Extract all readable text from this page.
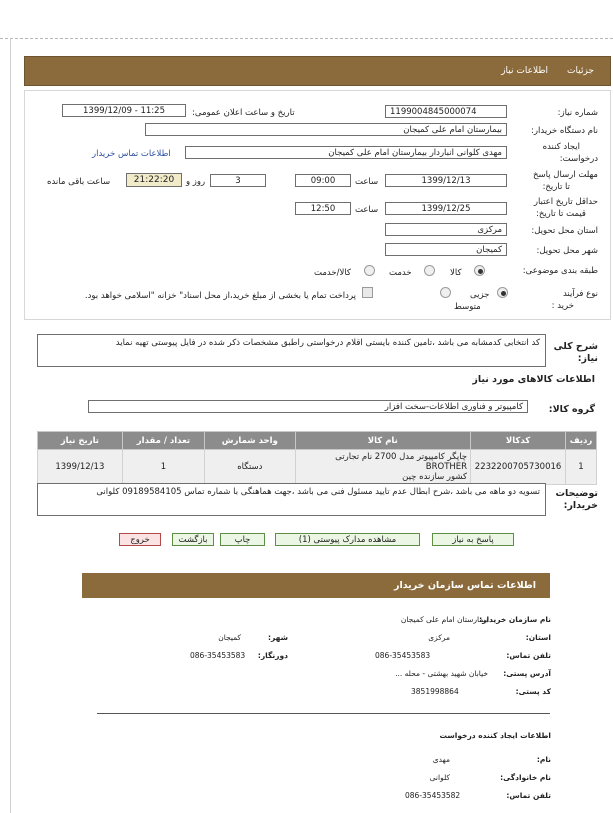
جزئیات
اطلاعات نیاز
شماره نیاز:
1199004845000074
تاریخ و ساعت اعلان عمومی:
1399/12/09 - 11:25
نام دستگاه خریدار:
بیمارستان امام علی کمیجان
ایجاد کننده
درخواست:
مهدی کلوانی انباردار بیمارستان امام علی کمیجان
اطلاعات تماس خریدار
مهلت ارسال پاسخ
تا تاریخ:
1399/12/13
ساعت
09:00
3
روز و
21:22:20
ساعت باقی مانده
حداقل تاریخ اعتبار
قیمت تا تاریخ:
1399/12/25
ساعت
12:50
استان محل تحویل:
مرکزی
شهر محل تحویل:
کمیجان
طبقه بندی موضوعی:
کالا
خدمت
کالا/خدمت
نوع فرآیند
خرید :
جزیی
متوسط
پرداخت تمام یا بخشی از مبلغ خرید،از محل اسناد" خزانه "اسلامی خواهد بود.
شرح کلی نیاز:
کد انتخابی کدمشابه می باشد ،تامین کننده بایستی اقلام درخواستی راطبق مشخصات ذکر شده در فایل پیوستی تهیه نماید
اطلاعات کالاهای مورد نیاز
گروه کالا:
کامپیوتر و فناوری اطلاعات-سخت افزار
ردیف	کدکالا	نام کالا	واحد شمارش	تعداد / مقدار	تاریخ نیاز
1	2232200705730016	چاپگر کامپیوتر مدل 2700 نام تجارتی BROTHER
کشور سازنده چین	دستگاه	1	1399/12/13
توضیحات خریدار:
تسویه دو ماهه می باشد ،شرح ابطال عدم تایید مسئول فنی می باشد ،جهت هماهنگی با شماره تماس 09189584105 کلوانی
پاسخ به نیاز
مشاهده مدارک پیوستی (1)
چاپ
بازگشت
خروج
اطلاعات تماس سازمان خریدار
نام سازمان خریدار:
بیمارستان امام علی کمیجان
استان:
مرکزی
شهر:
کمیجان
تلفن تماس:
086-35453583
دورنگار:
086-35453583
آدرس پستی:
خیابان شهید بهشتی - محله ...
کد پستی:
3851998864
اطلاعات ایجاد کننده درخواست
نام:
مهدی
نام خانوادگی:
کلوانی
تلفن تماس:
086-35453582
